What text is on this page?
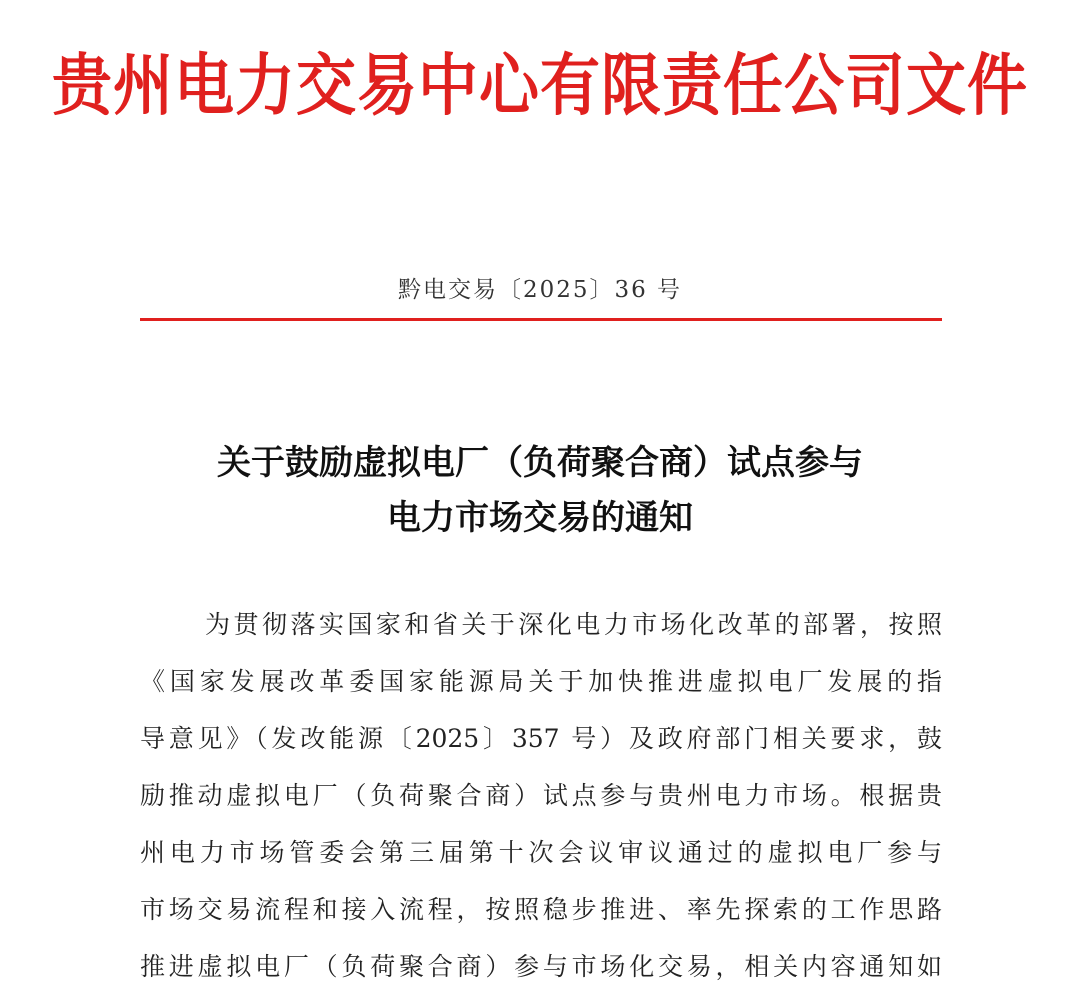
贵州电力交易中心有限责任公司文件
黔电交易〔2025〕36 号
关于鼓励虚拟电厂（负荷聚合商）试点参与
电力市场交易的通知
为贯彻落实国家和省关于深化电力市场化改革的部署，按照
《国家发展改革委国家能源局关于加快推进虚拟电厂发展的指
导意见》（发改能源〔2025〕357 号）及政府部门相关要求，鼓
励推动虚拟电厂（负荷聚合商）试点参与贵州电力市场。根据贵
州电力市场管委会第三届第十次会议审议通过的虚拟电厂参与
市场交易流程和接入流程，按照稳步推进、率先探索的工作思路
推进虚拟电厂（负荷聚合商）参与市场化交易，相关内容通知如
